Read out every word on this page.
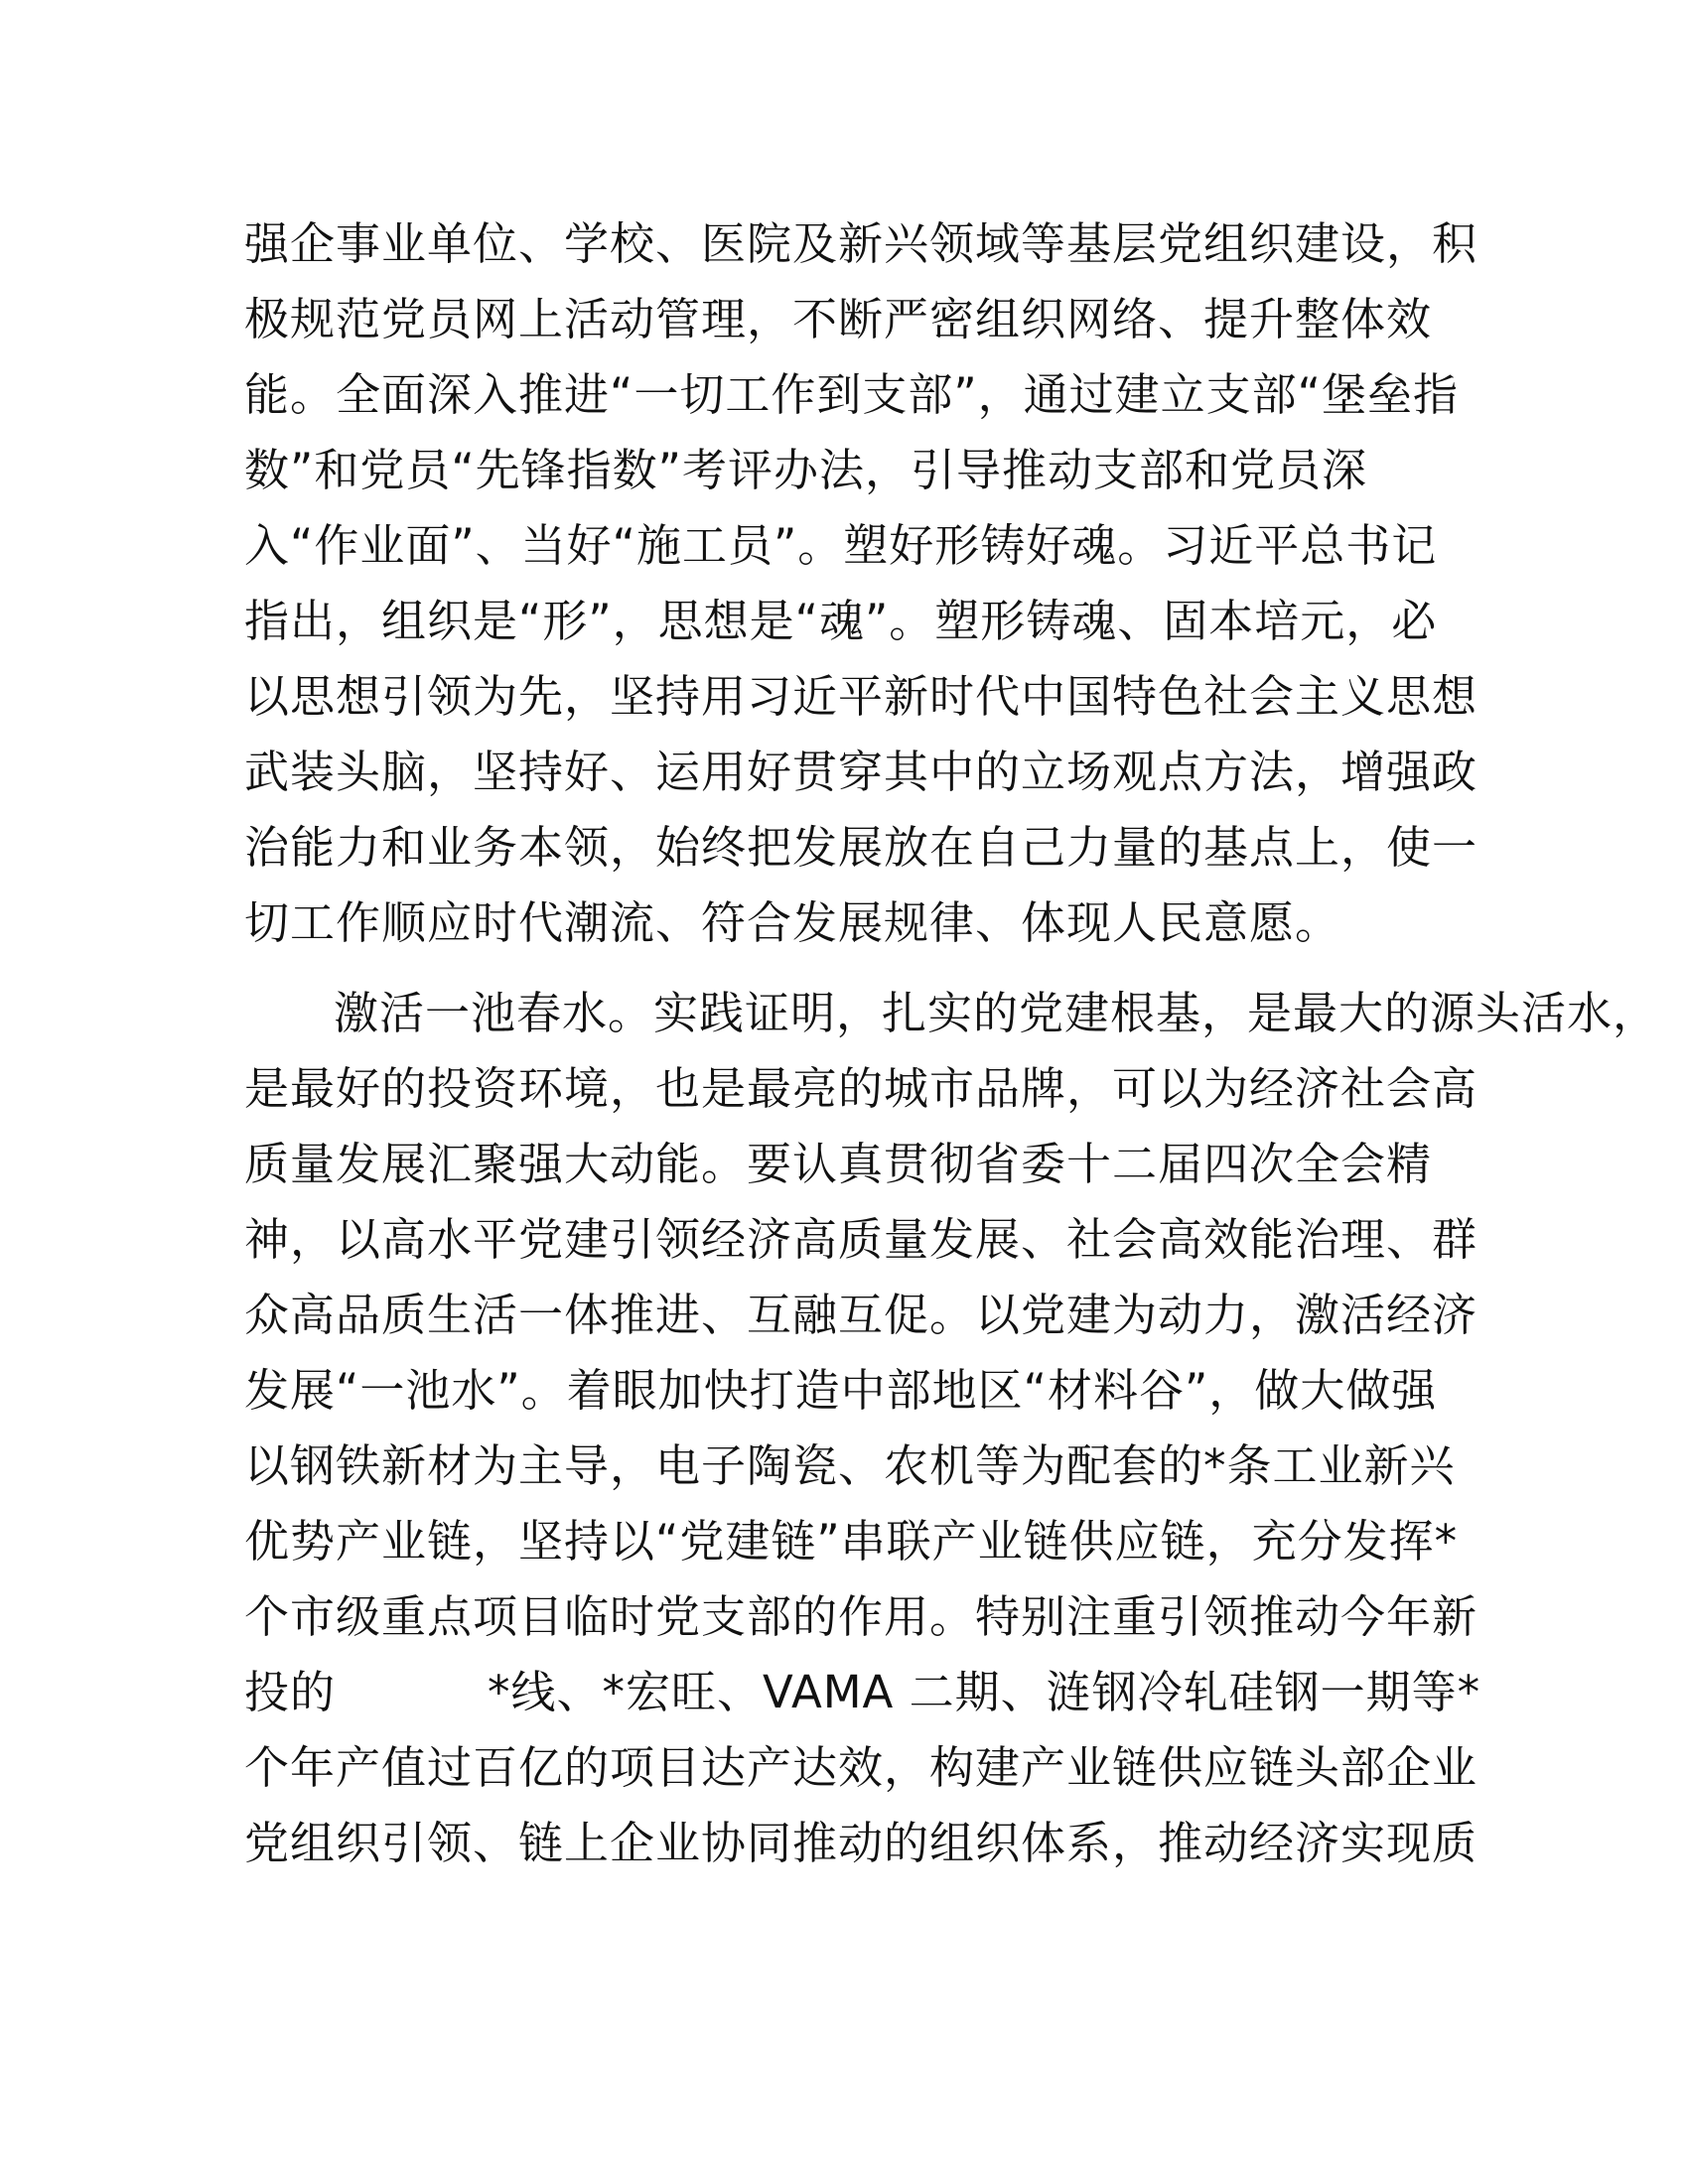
强企事业单位、学校、医院及新兴领域等基层党组织建设，积
极规范党员网上活动管理，不断严密组织网络、提升整体效
能。全面深入推进“一切工作到支部”，通过建立支部“堡垒指
数”和党员“先锋指数”考评办法，引导推动支部和党员深
入“作业面”、当好“施工员”。塑好形铸好魂。习近平总书记
指出，组织是“形”，思想是“魂”。塑形铸魂、固本培元，必
以思想引领为先，坚持用习近平新时代中国特色社会主义思想
武装头脑，坚持好、运用好贯穿其中的立场观点方法，增强政
治能力和业务本领，始终把发展放在自己力量的基点上，使一
切工作顺应时代潮流、符合发展规律、体现人民意愿。
激活一池春水。实践证明，扎实的党建根基，是最大的源头活水，
是最好的投资环境，也是最亮的城市品牌，可以为经济社会高
质量发展汇聚强大动能。要认真贯彻省委十二届四次全会精
神，以高水平党建引领经济高质量发展、社会高效能治理、群
众高品质生活一体推进、互融互促。以党建为动力，激活经济
发展“一池水”。着眼加快打造中部地区“材料谷”，做大做强
以钢铁新材为主导，电子陶瓷、农机等为配套的*条工业新兴
优势产业链，坚持以“党建链”串联产业链供应链，充分发挥*
个市级重点项目临时党支部的作用。特别注重引领推动今年新
投的          *线、*宏旺、VAMA 二期、涟钢冷轧硅钢一期等*
个年产值过百亿的项目达产达效，构建产业链供应链头部企业
党组织引领、链上企业协同推动的组织体系，推动经济实现质
